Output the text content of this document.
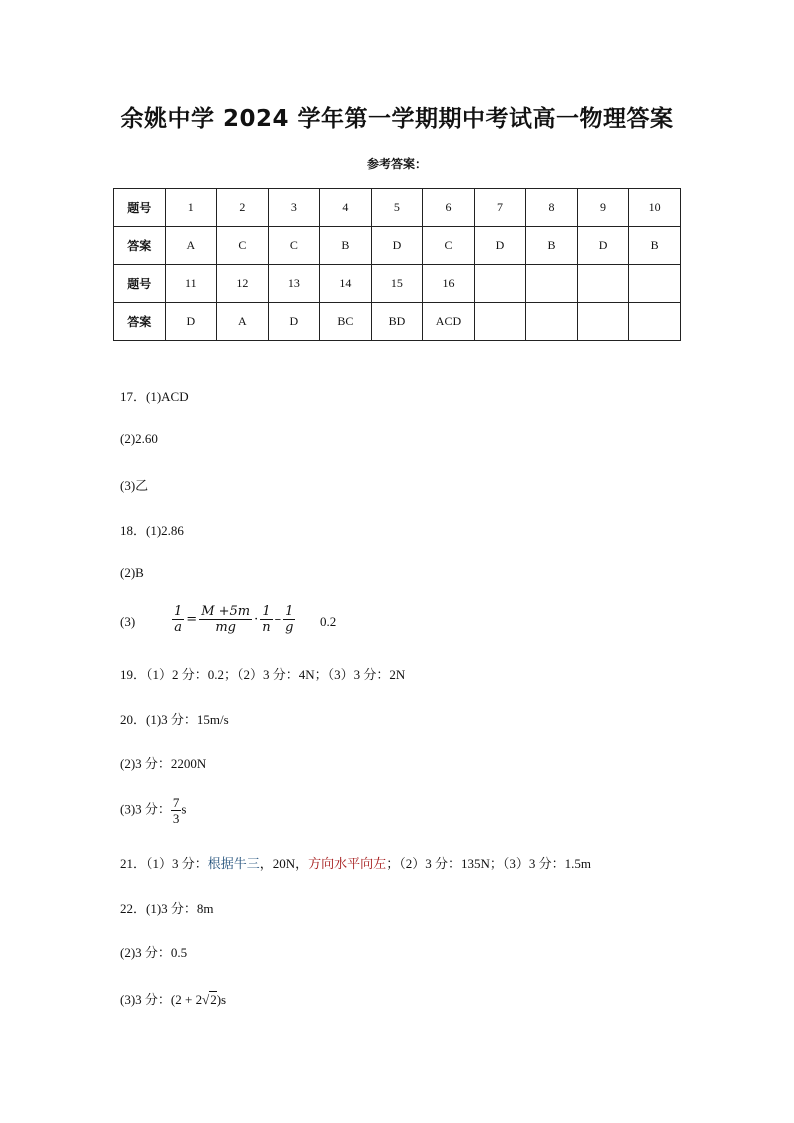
余姚中学 2024 学年第一学期期中考试高一物理答案
参考答案：
题号	1	2	3	4	5	6	7	8	9	10
答案	A	C	C	B	D	C	D	B	D	B
题号	11	12	13	14	15	16				
答案	D	A	D	BC	BD	ACD				
17．(1)ACD
(2)2.60
(3)乙
18．(1)2.86
(2)B
(3)	$\frac{1}{a} = \frac{M +5m}{mg} \cdot \frac{1}{n} - \frac{1}{g} 0.2$
19．（1）2 分：0.2；（2）3 分：4N；（3）3 分：2N
20．(1)3 分：15m/s
(2)3 分：2200N
(3)3 分： $\frac{7}{3}$ s
21．（1）3 分：根据牛三，20N，方向水平向左；（2）3 分：135N；（3）3 分：1.5m
22．(1)3 分：8m
(2)3 分：0.5
(3)3 分：(2 + 2√2)s
